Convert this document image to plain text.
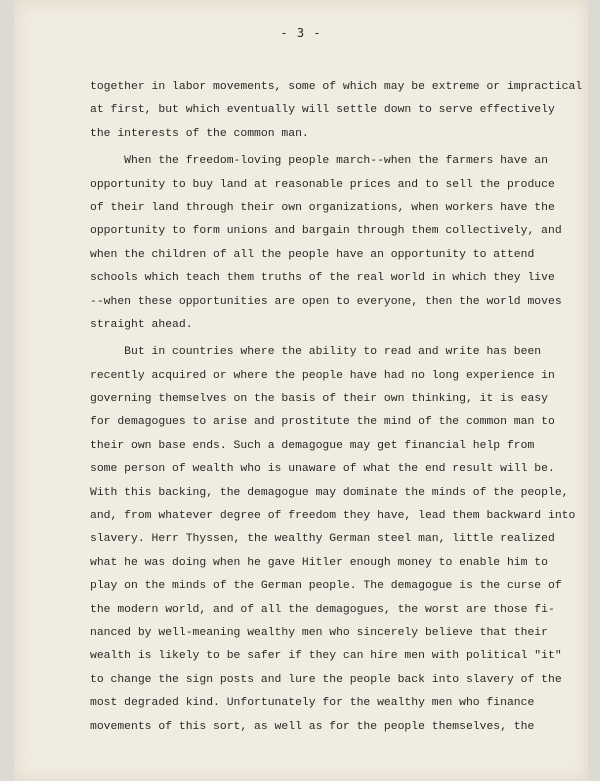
- 3 -
together in labor movements, some of which may be extreme or impractical
at first, but which eventually will settle down to serve effectively
the interests of the common man.
When the freedom-loving people march--when the farmers have an
opportunity to buy land at reasonable prices and to sell the produce
of their land through their own organizations, when workers have the
opportunity to form unions and bargain through them collectively, and
when the children of all the people have an opportunity to attend
schools which teach them truths of the real world in which they live
--when these opportunities are open to everyone, then the world moves
straight ahead.
But in countries where the ability to read and write has been
recently acquired or where the people have had no long experience in
governing themselves on the basis of their own thinking, it is easy
for demagogues to arise and prostitute the mind of the common man to
their own base ends. Such a demagogue may get financial help from
some person of wealth who is unaware of what the end result will be.
With this backing, the demagogue may dominate the minds of the people,
and, from whatever degree of freedom they have, lead them backward into
slavery. Herr Thyssen, the wealthy German steel man, little realized
what he was doing when he gave Hitler enough money to enable him to
play on the minds of the German people. The demagogue is the curse of
the modern world, and of all the demagogues, the worst are those fi-
nanced by well-meaning wealthy men who sincerely believe that their
wealth is likely to be safer if they can hire men with political "it"
to change the sign posts and lure the people back into slavery of the
most degraded kind. Unfortunately for the wealthy men who finance
movements of this sort, as well as for the people themselves, the
